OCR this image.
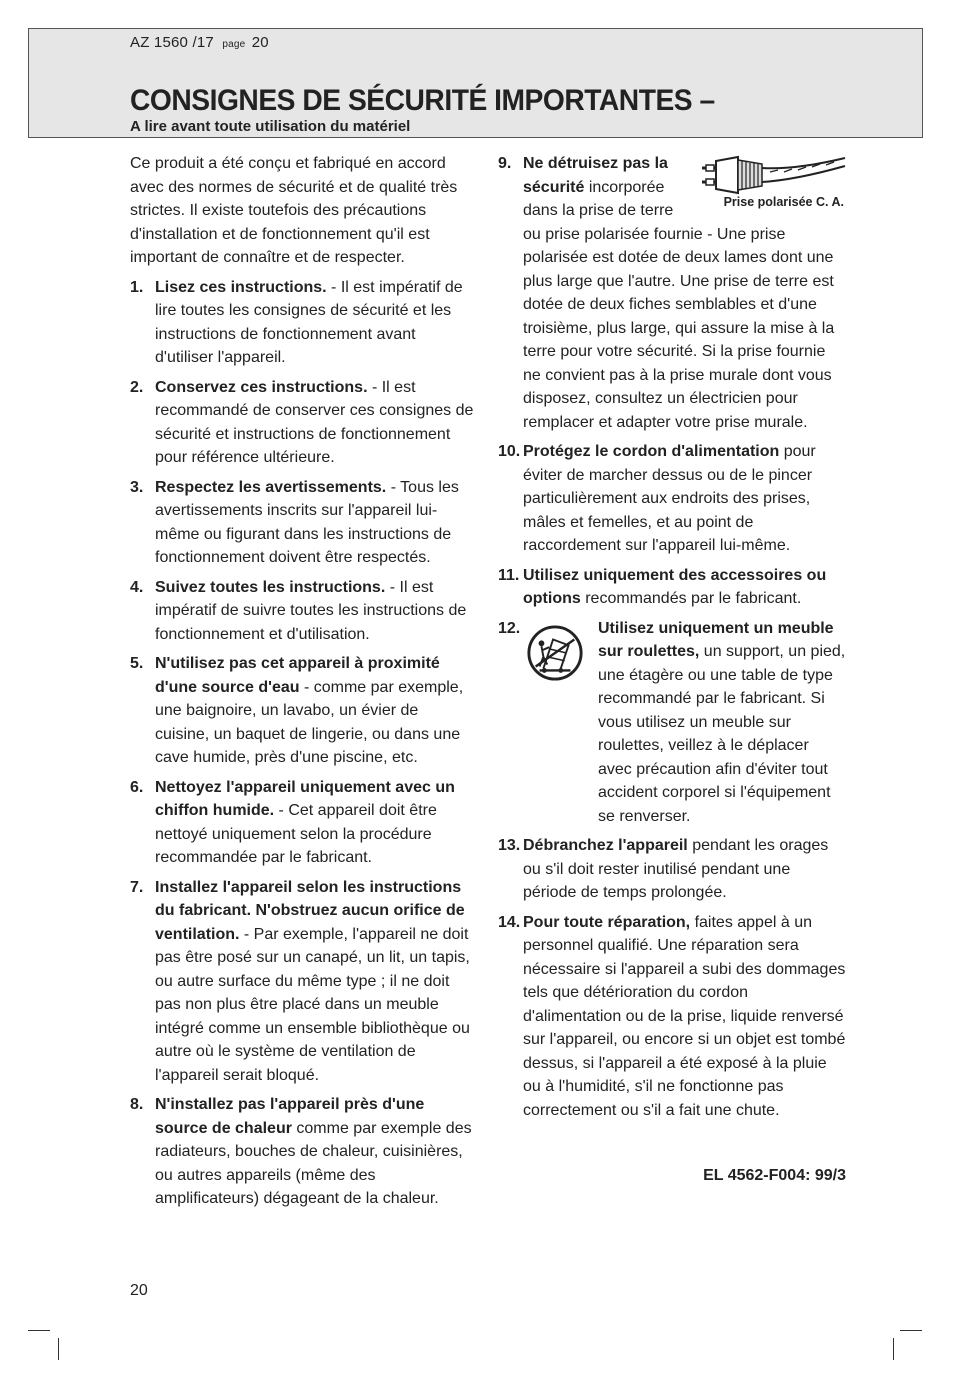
AZ 1560 /17 page 20
CONSIGNES DE SÉCURITÉ IMPORTANTES –
A lire avant toute utilisation du matériel

Ce produit a été conçu et fabriqué en accord avec des normes de sécurité et de qualité très strictes. Il existe toutefois des précautions d'installation et de fonctionnement qu'il est important de connaître et de respecter.

1. Lisez ces instructions. - Il est impératif de lire toutes les consignes de sécurité et les instructions de fonctionnement avant d'utiliser l'appareil.
2. Conservez ces instructions. - Il est recommandé de conserver ces consignes de sécurité et instructions de fonctionnement pour référence ultérieure.
3. Respectez les avertissements. - Tous les avertissements inscrits sur l'appareil lui-même ou figurant dans les instructions de fonctionnement doivent être respectés.
4. Suivez toutes les instructions. - Il est impératif de suivre toutes les instructions de fonctionnement et d'utilisation.
5. N'utilisez pas cet appareil à proximité d'une source d'eau - comme par exemple, une baignoire, un lavabo, un évier de cuisine, un baquet de lingerie, ou dans une cave humide, près d'une piscine, etc.
6. Nettoyez l'appareil uniquement avec un chiffon humide. - Cet appareil doit être nettoyé uniquement selon la procédure recommandée par le fabricant.
7. Installez l'appareil selon les instructions du fabricant. N'obstruez aucun orifice de ventilation. - Par exemple, l'appareil ne doit pas être posé sur un canapé, un lit, un tapis, ou autre surface du même type ; il ne doit pas non plus être placé dans un meuble intégré comme un ensemble bibliothèque ou autre où le système de ventilation de l'appareil serait bloqué.
8. N'installez pas l'appareil près d'une source de chaleur comme par exemple des radiateurs, bouches de chaleur, cuisinières, ou autres appareils (même des amplificateurs) dégageant de la chaleur.
9.
Prise polarisée C. A.
Ne détruisez pas la sécurité incorporée dans la prise de terre ou prise polarisée fournie - Une prise polarisée est dotée de deux lames dont une plus large que l'autre. Une prise de terre est dotée de deux fiches semblables et d'une troisième, plus large, qui assure la mise à la terre pour votre sécurité. Si la prise fournie ne convient pas à la prise murale dont vous disposez, consultez un électricien pour remplacer et adapter votre prise murale.
10. Protégez le cordon d'alimentation pour éviter de marcher dessus ou de le pincer particulièrement aux endroits des prises, mâles et femelles, et au point de raccordement sur l'appareil lui-même.
11. Utilisez uniquement des accessoires ou options recommandés par le fabricant.
12.	Utilisez uniquement un meuble sur roulettes, un support, un pied, une étagère ou une table de type recommandé par le fabricant. Si vous utilisez un meuble sur roulettes, veillez à le déplacer avec précaution afin d'éviter tout accident corporel si l'équipement se renverser.
13. Débranchez l'appareil pendant les orages ou s'il doit rester inutilisé pendant une période de temps prolongée.
14. Pour toute réparation, faites appel à un personnel qualifié. Une réparation sera nécessaire si l'appareil a subi des dommages tels que détérioration du cordon d'alimentation ou de la prise, liquide renversé sur l'appareil, ou encore si un objet est tombé dessus, si l'appareil a été exposé à la pluie ou à l'humidité, s'il ne fonctionne pas correctement ou s'il a fait une chute.
EL 4562-F004: 99/3
20
